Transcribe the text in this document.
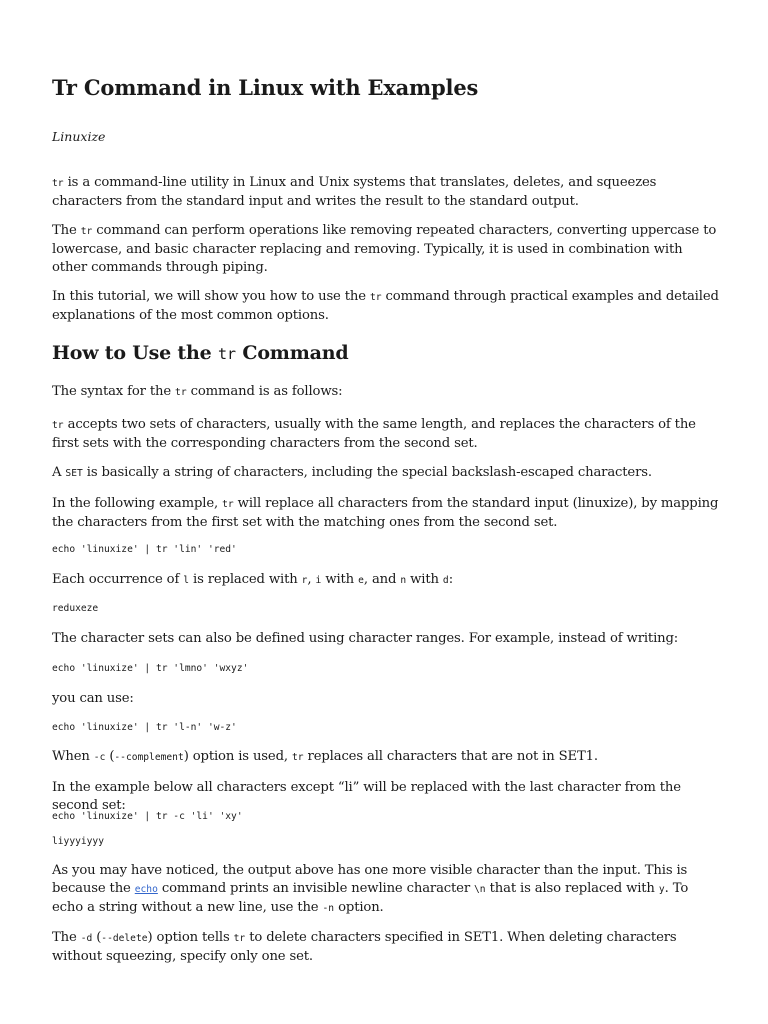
Tr Command in Linux with Examples
Linuxize

tr is a command-line utility in Linux and Unix systems that translates, deletes, and squeezes characters from the standard input and writes the result to the standard output.

The tr command can perform operations like removing repeated characters, converting uppercase to lowercase, and basic character replacing and removing. Typically, it is used in combination with other commands through piping.

In this tutorial, we will show you how to use the tr command through practical examples and detailed explanations of the most common options.

How to Use the tr Command

The syntax for the tr command is as follows:

tr accepts two sets of characters, usually with the same length, and replaces the characters of the first sets with the corresponding characters from the second set.

A SET is basically a string of characters, including the special backslash-escaped characters.

In the following example, tr will replace all characters from the standard input (linuxize), by mapping the characters from the first set with the matching ones from the second set.

echo 'linuxize' | tr 'lin' 'red'

Each occurrence of l is replaced with r, i with e, and n with d:

reduxeze

The character sets can also be defined using character ranges. For example, instead of writing:

echo 'linuxize' | tr 'lmno' 'wxyz'

you can use:

echo 'linuxize' | tr 'l-n' 'w-z'

When -c (--complement) option is used, tr replaces all characters that are not in SET1.

In the example below all characters except “li” will be replaced with the last character from the second set:

echo 'linuxize' | tr -c 'li' 'xy'
liyyyiyyy

As you may have noticed, the output above has one more visible character than the input. This is because the echo command prints an invisible newline character \n that is also replaced with y. To echo a string without a new line, use the -n option.

The -d (--delete) option tells tr to delete characters specified in SET1. When deleting characters without squeezing, specify only one set.
